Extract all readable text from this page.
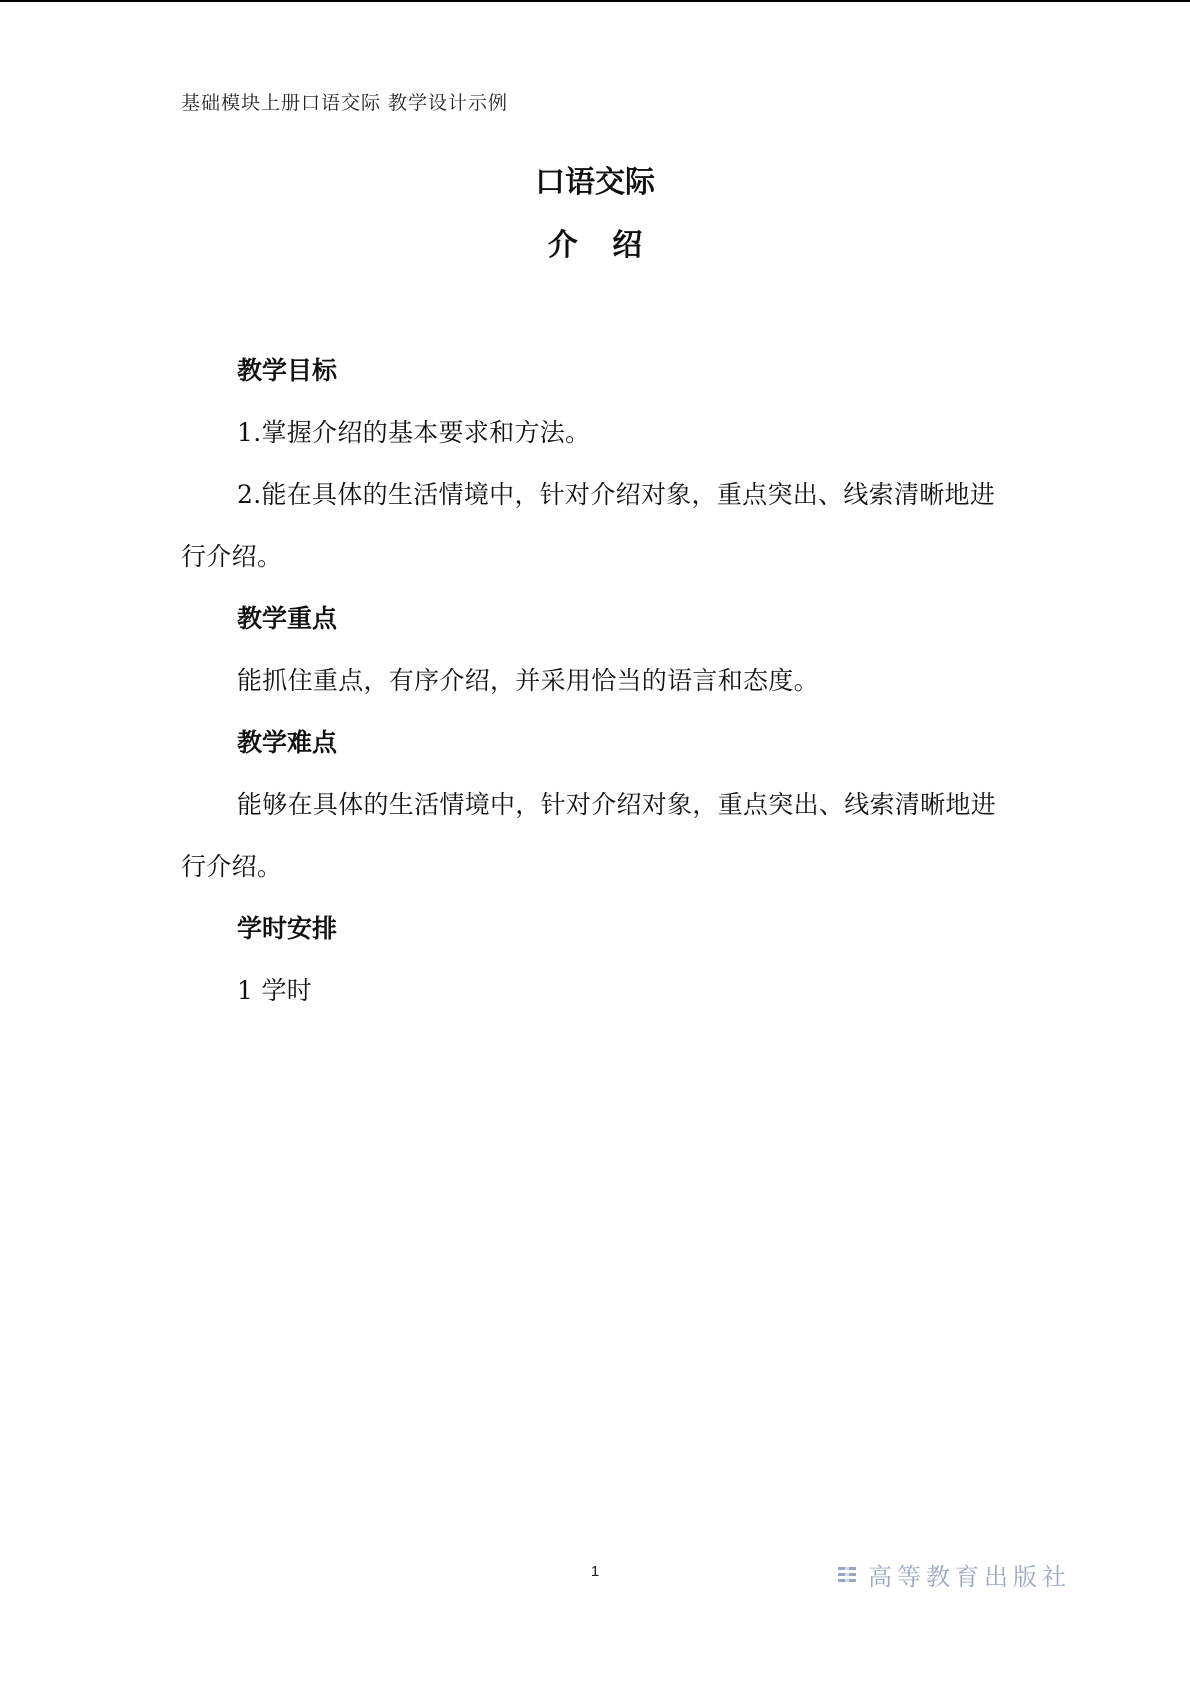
基础模块上册口语交际 教学设计示例
口语交际
介 绍

教学目标

1.掌握介绍的基本要求和方法。

2.能在具体的生活情境中，针对介绍对象，重点突出、线索清晰地进行介绍。

教学重点

能抓住重点，有序介绍，并采用恰当的语言和态度。

教学难点

能够在具体的生活情境中，针对介绍对象，重点突出、线索清晰地进行介绍。

学时安排

1 学时

1	高等教育出版社
